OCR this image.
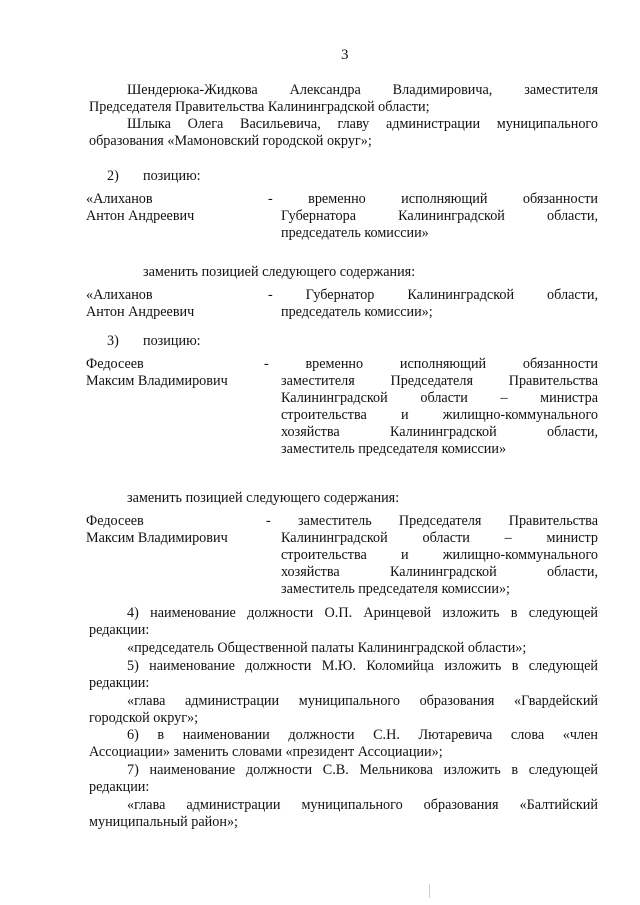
3
Шендерюка-Жидкова Александра Владимировича, заместителя
Председателя Правительства Калининградской области;
Шлыка Олега Васильевича, главу администрации муниципального
образования «Мамоновский городской округ»;
2) позицию:
«Алиханов
Антон Андреевич
- временно исполняющий обязанности
Губернатора Калининградской области,
председатель комиссии»
заменить позицией следующего содержания:
«Алиханов
Антон Андреевич
- Губернатор Калининградской области,
председатель комиссии»;
3) позицию:
Федосеев
Максим Владимирович
- временно исполняющий обязанности
заместителя Председателя Правительства
Калининградской области – министра
строительства и жилищно-коммунального
хозяйства Калининградской области,
заместитель председателя комиссии»
заменить позицией следующего содержания:
Федосеев
Максим Владимирович
- заместитель Председателя Правительства
Калининградской области – министр
строительства и жилищно-коммунального
хозяйства Калининградской области,
заместитель председателя комиссии»;
4) наименование должности О.П. Аринцевой изложить в следующей
редакции:
«председатель Общественной палаты Калининградской области»;
5) наименование должности М.Ю. Коломийца изложить в следующей
редакции:
«глава администрации муниципального образования «Гвардейский
городской округ»;
6) в наименовании должности С.Н. Лютаревича слова «член
Ассоциации» заменить словами «президент Ассоциации»;
7) наименование должности С.В. Мельникова изложить в следующей
редакции:
«глава администрации муниципального образования «Балтийский
муниципальный район»;
